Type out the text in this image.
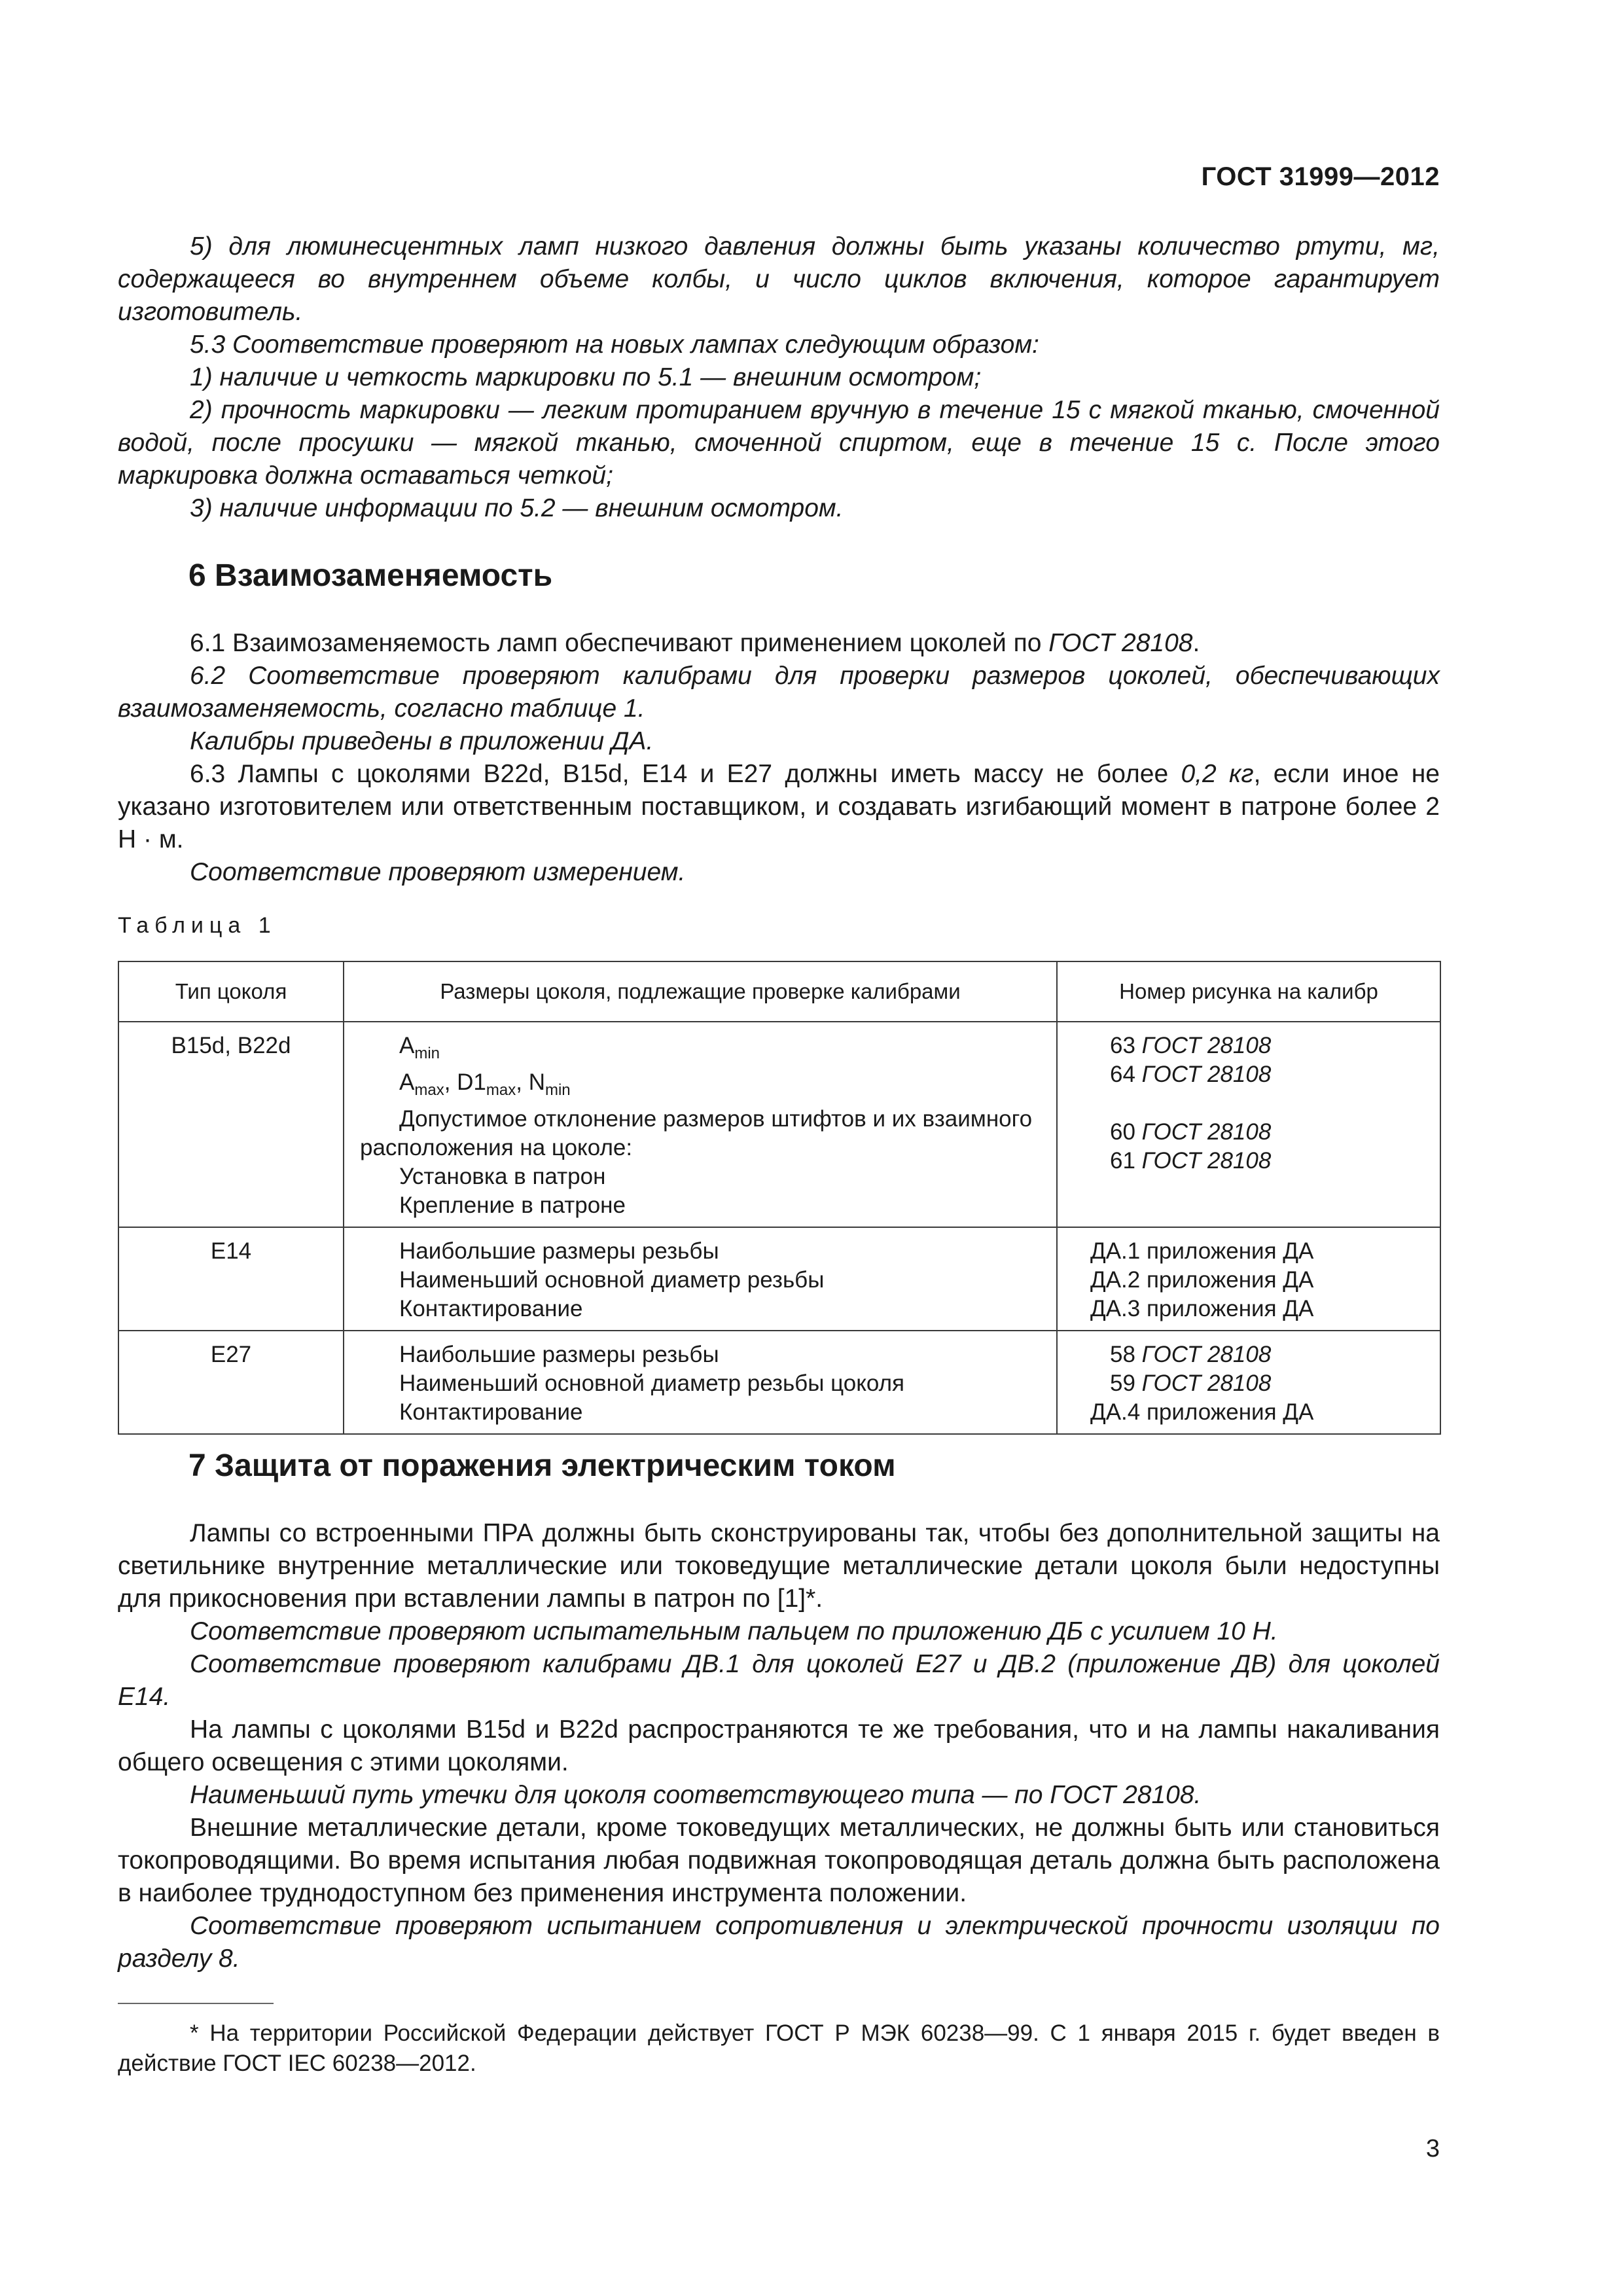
ГОСТ 31999—2012

5) для люминесцентных ламп низкого давления должны быть указаны количество ртути, мг, содержащееся во внутреннем объеме колбы, и число циклов включения, которое гарантирует изготовитель.

5.3 Соответствие проверяют на новых лампах следующим образом:

1) наличие и четкость маркировки по 5.1 — внешним осмотром;

2) прочность маркировки — легким протиранием вручную в течение 15 с мягкой тканью, смоченной водой, после просушки — мягкой тканью, смоченной спиртом, еще в течение 15 с. После этого маркировка должна оставаться четкой;

3) наличие информации по 5.2 — внешним осмотром.

6 Взаимозаменяемость

6.1 Взаимозаменяемость ламп обеспечивают применением цоколей по ГОСТ 28108.

6.2 Соответствие проверяют калибрами для проверки размеров цоколей, обеспечивающих взаимозаменяемость, согласно таблице 1.

Калибры приведены в приложении ДА.

6.3 Лампы с цоколями B22d, B15d, E14 и E27 должны иметь массу не более 0,2 кг, если иное не указано изготовителем или ответственным поставщиком, и создавать изгибающий момент в патроне более 2 Н · м.

Соответствие проверяют измерением.

Таблица 1
Тип цоколя	Размеры цоколя, подлежащие проверке калибрами	Номер рисунка на калибр
B15d, B22d	$A_{min}$
$A_{max}$, $D1_{max}$, $N_{min}$
Допустимое отклонение размеров штифтов и их взаимного расположения на цоколе:
Установка в патрон
Крепление в патроне	63 ГОСТ 28108
64 ГОСТ 28108

60 ГОСТ 28108
61 ГОСТ 28108

E14	Наибольшие размеры резьбы
Наименьший основной диаметр резьбы
Контактирование	ДА.1 приложения ДА
ДА.2 приложения ДА
ДА.3 приложения ДА

E27	Наибольшие размеры резьбы
Наименьший основной диаметр резьбы цоколя
Контактирование	58 ГОСТ 28108
59 ГОСТ 28108
ДА.4 приложения ДА
7 Защита от поражения электрическим током

Лампы со встроенными ПРА должны быть сконструированы так, чтобы без дополнительной защиты на светильнике внутренние металлические или токоведущие металлические детали цоколя были недоступны для прикосновения при вставлении лампы в патрон по [1]*.

Соответствие проверяют испытательным пальцем по приложению ДБ с усилием 10 Н.

Соответствие проверяют калибрами ДВ.1 для цоколей E27 и ДВ.2 (приложение ДВ) для цоколей E14.

На лампы с цоколями B15d и B22d распространяются те же требования, что и на лампы накаливания общего освещения с этими цоколями.

Наименьший путь утечки для цоколя соответствующего типа — по ГОСТ 28108.

Внешние металлические детали, кроме токоведущих металлических, не должны быть или становиться токопроводящими. Во время испытания любая подвижная токопроводящая деталь должна быть расположена в наиболее труднодоступном без применения инструмента положении.

Соответствие проверяют испытанием сопротивления и электрической прочности изоляции по разделу 8.

* На территории Российской Федерации действует ГОСТ Р МЭК 60238—99. С 1 января 2015 г. будет введен в действие ГОСТ IEC 60238—2012.

3
